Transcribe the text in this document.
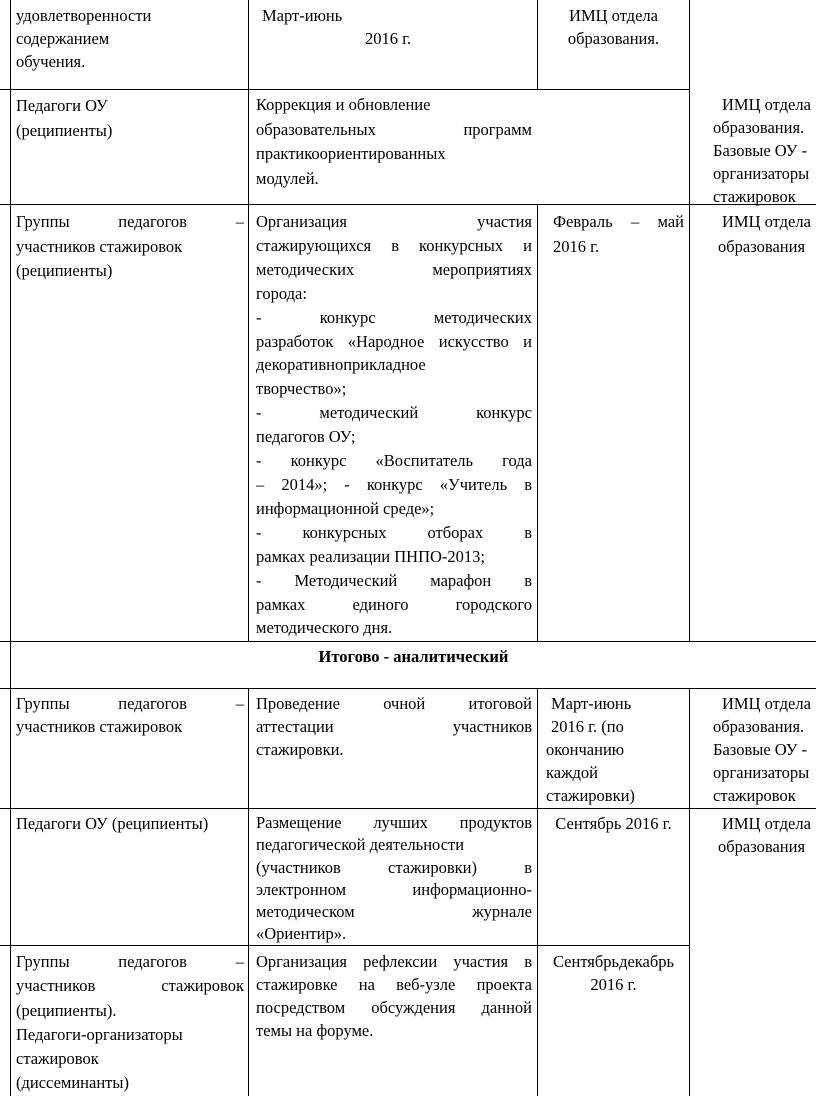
удовлетворенности
содержанием
обучения.
Март-июнь
2016 г.
ИМЦ отдела
образования.
Педагоги ОУ
(реципиенты)

Коррекция и обновление

образовательных программ

практикоориентированных

модулей.

ИМЦ отдела
образования.
Базовые ОУ -
организаторы
стажировок

Группы педагогов –

участников стажировок

(реципиенты)

Организация участия

стажирующихся в конкурсных и

методических мероприятиях

города:

- конкурс методических

разработок «Народное искусство и

декоративноприкладное

творчество»;

- методический конкурс

педагогов ОУ;

- конкурс «Воспитатель года

– 2014»; - конкурс «Учитель в

информационной среде»;

- конкурсных отборах в

рамках реализации ПНПО-2013;

- Методический марафон в

рамках единого городского

методического дня.

Февраль – май

2016 г.

ИМЦ отдела
образования
Итогово - аналитический

Группы педагогов –

участников стажировок

Проведение очной итоговой

аттестации участников

стажировки.

Март-июнь
2016 г. (по
окончанию
каждой
стажировки)
ИМЦ отдела
образования.
Базовые ОУ -
организаторы
стажировок
Педагоги ОУ (реципиенты)	Размещение лучших продуктов

педагогической деятельности

(участников стажировки) в

электронном информационно-

методическом журнале

«Ориентир».

Сентябрь 2016 г.	ИМЦ отдела
образования

Группы педагогов –

участников стажировок

(реципиенты).

Педагоги-организаторы

стажировок

(диссеминанты)

Организация рефлексии участия в

стажировке на веб-узле проекта

посредством обсуждения данной

темы на форуме.

Сентябрьдекабрь
2016 г.
